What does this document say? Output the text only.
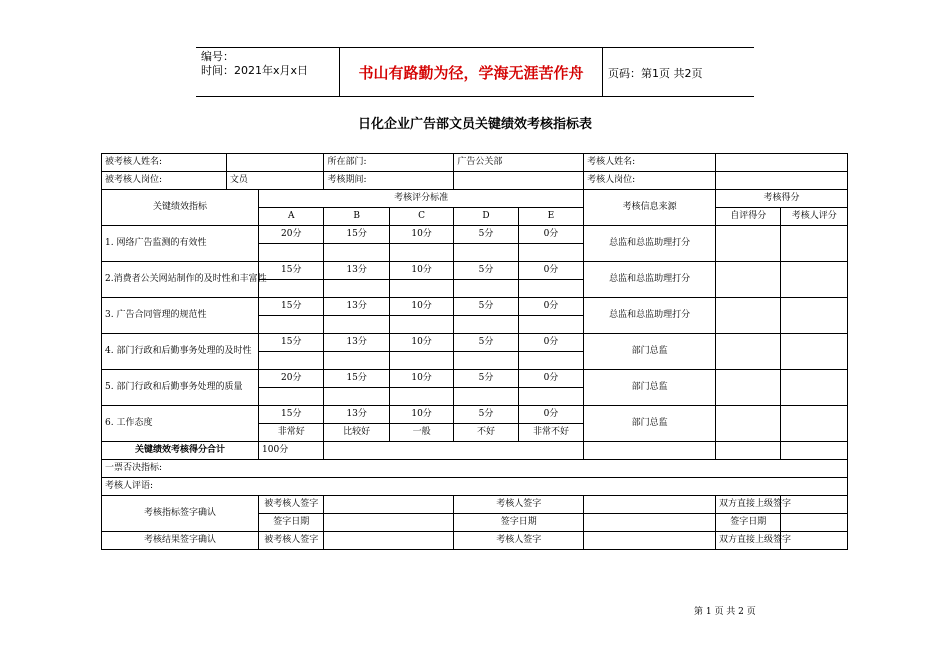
编号：
时间：2021年x月x日	书山有路勤为径，学海无涯苦作舟	页码：第1页 共2页
日化企业广告部文员关键绩效考核指标表
被考核人姓名:			所在部门:		广告公关部		考核人姓名:		
被考核人岗位:	文员		考核期间:				考核人岗位:		
关键绩效指标		考核评分标准					考核信息来源	考核得分	
		A	B	C	D	E		自评得分	考核人评分
1. 网络广告监测的有效性		20分	15分	10分	5分	0分	总监和总监助理打分		

2.消费者公关网站制作的及时性和丰富性		15分	13分	10分	5分	0分	总监和总监助理打分		

3. 广告合同管理的规范性		15分	13分	10分	5分	0分	总监和总监助理打分		

4. 部门行政和后勤事务处理的及时性		15分	13分	10分	5分	0分	部门总监		

5. 部门行政和后勤事务处理的质量		20分	15分	10分	5分	0分	部门总监		

6. 工作态度		15分	13分	10分	5分	0分	部门总监		
		非常好	比较好	一般	不好	非常不好			
关键绩效考核得分合计		100分							
一票否决指标:									
考核人评语:									
考核指标签字确认		被考核人签字			考核人签字			双方直接上级签字	
		签字日期			签字日期			签字日期	
考核结果签字确认		被考核人签字			考核人签字			双方直接上级签字	
第 1 页 共 2 页
